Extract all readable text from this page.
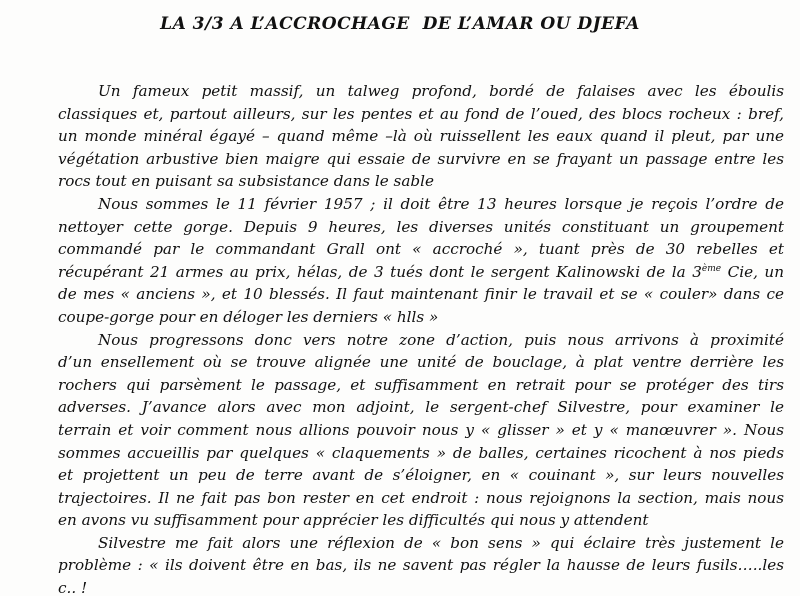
LA 3/3 A L’ACCROCHAGE  DE L’AMAR OU DJEFA
Un fameux petit massif, un talweg profond, bordé de falaises avec les éboulis
classiques et, partout ailleurs, sur les pentes et au fond de l’oued, des blocs rocheux : bref,
un monde minéral égayé – quand même –là où ruissellent les eaux quand il pleut, par une
végétation arbustive bien maigre qui essaie de survivre en se frayant un passage entre les
rocs tout en puisant sa subsistance dans le sable
Nous sommes le 11 février 1957 ; il doit être 13 heures lorsque je reçois l’ordre de
nettoyer cette gorge. Depuis 9 heures, les diverses unités constituant un groupement
commandé par le commandant Grall ont « accroché », tuant près de 30 rebelles et
récupérant 21 armes au prix, hélas, de 3 tués dont le sergent Kalinowski de la 3ème Cie, un
de mes « anciens », et 10 blessés. Il faut maintenant finir le travail et se « couler» dans ce
coupe-gorge pour en déloger les derniers « hlls »
Nous progressons donc vers notre zone d’action, puis nous arrivons à proximité
d’un ensellement où se trouve alignée une unité de bouclage, à plat ventre derrière les
rochers qui parsèment le passage, et suffisamment en retrait pour se protéger des tirs
adverses. J’avance alors avec mon adjoint, le sergent-chef Silvestre, pour examiner le
terrain et voir comment nous allions pouvoir nous y « glisser » et y « manœuvrer ». Nous
sommes accueillis par quelques « claquements » de balles, certaines ricochent à nos pieds
et projettent un peu de terre avant de s’éloigner, en « couinant », sur leurs nouvelles
trajectoires. Il ne fait pas bon rester en cet endroit : nous rejoignons la section, mais nous
en avons vu suffisamment pour apprécier les difficultés qui nous y attendent
Silvestre me fait alors une réflexion de « bon sens » qui éclaire très justement le
problème : « ils doivent être en bas, ils ne savent pas régler la hausse de leurs fusils…..les
c.. !
